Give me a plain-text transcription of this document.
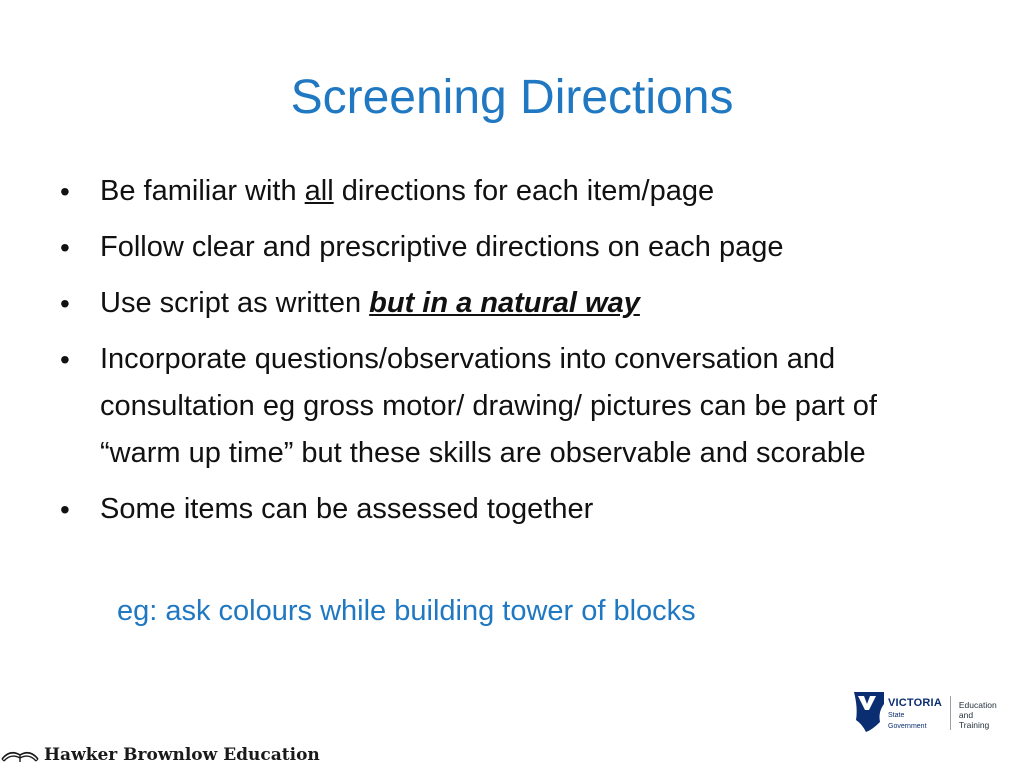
Screening Directions
• Be familiar with all directions for each item/page
• Follow clear and prescriptive directions on each page
• Use script as written but in a natural way
• Incorporate questions/observations into conversation and consultation eg gross motor/ drawing/ pictures can be part of “warm up time” but these skills are observable and scorable
• Some items can be assessed together
eg: ask colours while building tower of blocks
Hawker Brownlow Education
VICTORIA
State
Government
Education
and Training
